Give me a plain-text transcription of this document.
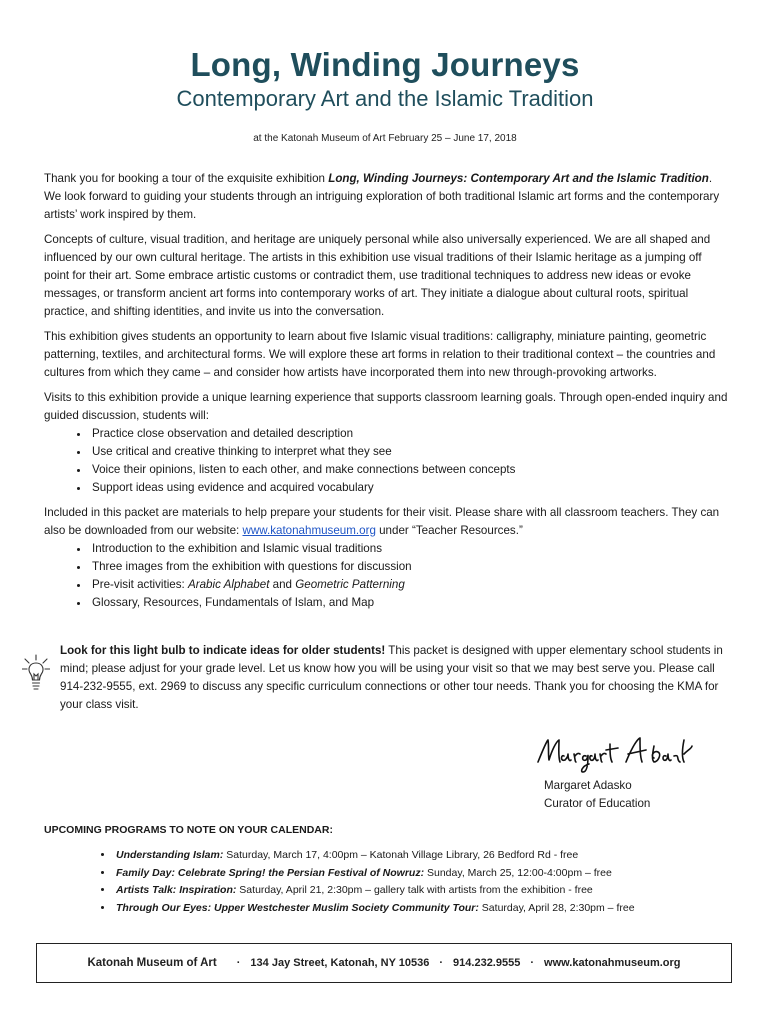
Long, Winding Journeys
Contemporary Art and the Islamic Tradition
at the Katonah Museum of Art February 25 – June 17, 2018

Thank you for booking a tour of the exquisite exhibition Long, Winding Journeys: Contemporary Art and the Islamic Tradition. We look forward to guiding your students through an intriguing exploration of both traditional Islamic art forms and the contemporary artists’ work inspired by them.

Concepts of culture, visual tradition, and heritage are uniquely personal while also universally experienced. We are all shaped and influenced by our own cultural heritage. The artists in this exhibition use visual traditions of their Islamic heritage as a jumping off point for their art. Some embrace artistic customs or contradict them, use traditional techniques to address new ideas or evoke messages, or transform ancient art forms into contemporary works of art. They initiate a dialogue about cultural roots, spiritual practice, and shifting identities, and invite us into the conversation.

This exhibition gives students an opportunity to learn about five Islamic visual traditions: calligraphy, miniature painting, geometric patterning, textiles, and architectural forms. We will explore these art forms in relation to their traditional context – the countries and cultures from which they came – and consider how artists have incorporated them into new through-provoking artworks.

Visits to this exhibition provide a unique learning experience that supports classroom learning goals. Through open-ended inquiry and guided discussion, students will:

• Practice close observation and detailed description
• Use critical and creative thinking to interpret what they see
• Voice their opinions, listen to each other, and make connections between concepts
• Support ideas using evidence and acquired vocabulary

Included in this packet are materials to help prepare your students for their visit. Please share with all classroom teachers. They can also be downloaded from our website: www.katonahmuseum.org under “Teacher Resources.”

• Introduction to the exhibition and Islamic visual traditions
• Three images from the exhibition with questions for discussion
• Pre-visit activities: Arabic Alphabet and Geometric Patterning
• Glossary, Resources, Fundamentals of Islam, and Map
Look for this light bulb to indicate ideas for older students! This packet is designed with upper elementary school students in mind; please adjust for your grade level. Let us know how you will be using your visit so that we may best serve you. Please call 914-232-9555, ext. 2969 to discuss any specific curriculum connections or other tour needs. Thank you for choosing the KMA for your class visit.
Margaret Adasko
Curator of Education
UPCOMING PROGRAMS TO NOTE ON YOUR CALENDAR:
• Understanding Islam: Saturday, March 17, 4:00pm – Katonah Village Library, 26 Bedford Rd - free
• Family Day: Celebrate Spring! the Persian Festival of Nowruz: Sunday, March 25, 12:00-4:00pm – free
• Artists Talk: Inspiration: Saturday, April 21, 2:30pm – gallery talk with artists from the exhibition - free
• Through Our Eyes: Upper Westchester Muslim Society Community Tour: Saturday, April 28, 2:30pm – free
Katonah Museum of Art · 134 Jay Street, Katonah, NY 10536 · 914.232.9555 · www.katonahmuseum.org
